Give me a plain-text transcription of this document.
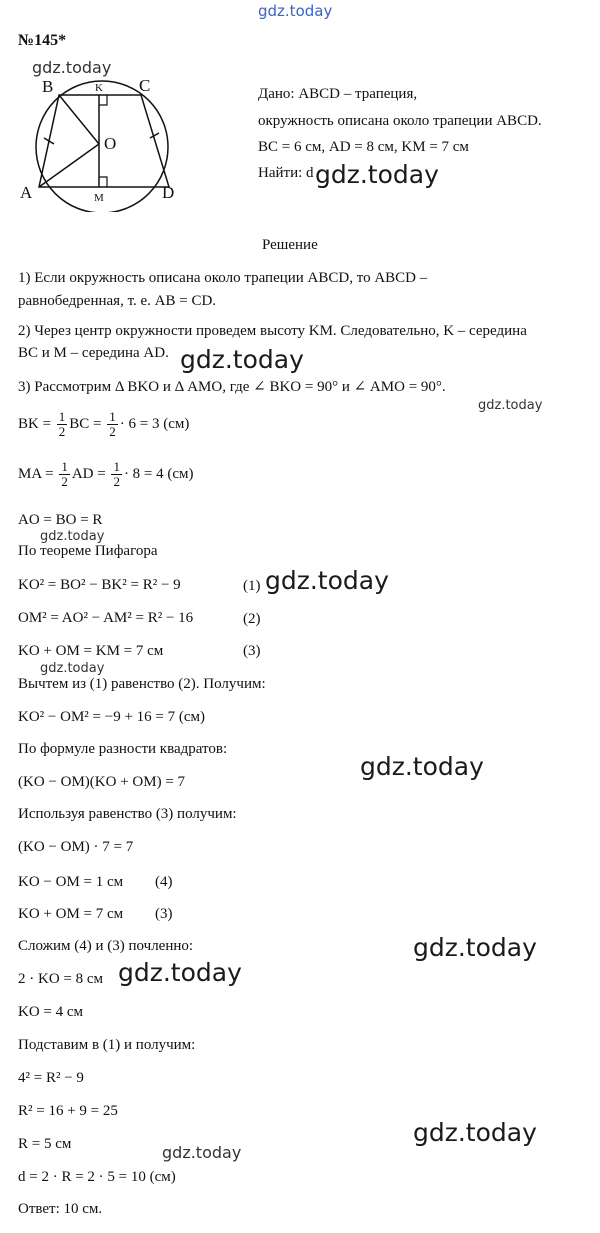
gdz.today
gdz.today
gdz.today
gdz.today
gdz.today
gdz.today
gdz.today
gdz.today
gdz.today
gdz.today
gdz.today
gdz.today
gdz.today
№145*
B	K C
O
A	M	D
Дано: ABCD – трапеция,
окружность описана около трапеции ABCD.
BC = 6 см, AD = 8 см, KM = 7 см
Найти: d
Решение
1) Если окружность описана около трапеции ABCD, то ABCD –
равнобедренная, т. е. AB = CD.
2) Через центр окружности проведем высоту KM. Следовательно, K – середина
BC и M – середина AD.
3) Рассмотрим Δ BKO и Δ AMO, где ∠ BKO = 90° и ∠ AMO = 90°.
BK =
$\frac{1}{2}$ BC =
$\frac{1}{2} \cdot 6 = 3$ (см)
MA =
$\frac{1}{2}$ AD =
$\frac{1}{2} \cdot 8 = 4$ (см)
AO = BO = R
По теореме Пифагора
KO² = BO² − BK² = R² − 9	(1)
OM² = AO² − AM² = R² − 16	(2)
KO + OM = KM = 7 см	(3)
Вычтем из (1) равенство (2). Получим:
KO² − OM² = −9 + 16 = 7 (см)
По формуле разности квадратов:
(KO − OM)(KO + OM) = 7
Используя равенство (3) получим:
(KO − OM) · 7 = 7
KO − OM = 1 см (4)
KO + OM = 7 см (3)
Сложим (4) и (3) почленно:
2 · KO = 8 см
KO = 4 см
Подставим в (1) и получим:
4² = R² − 9
R² = 16 + 9 = 25
R = 5 см
d = 2 · R = 2 · 5 = 10 (см)
Ответ: 10 см.
